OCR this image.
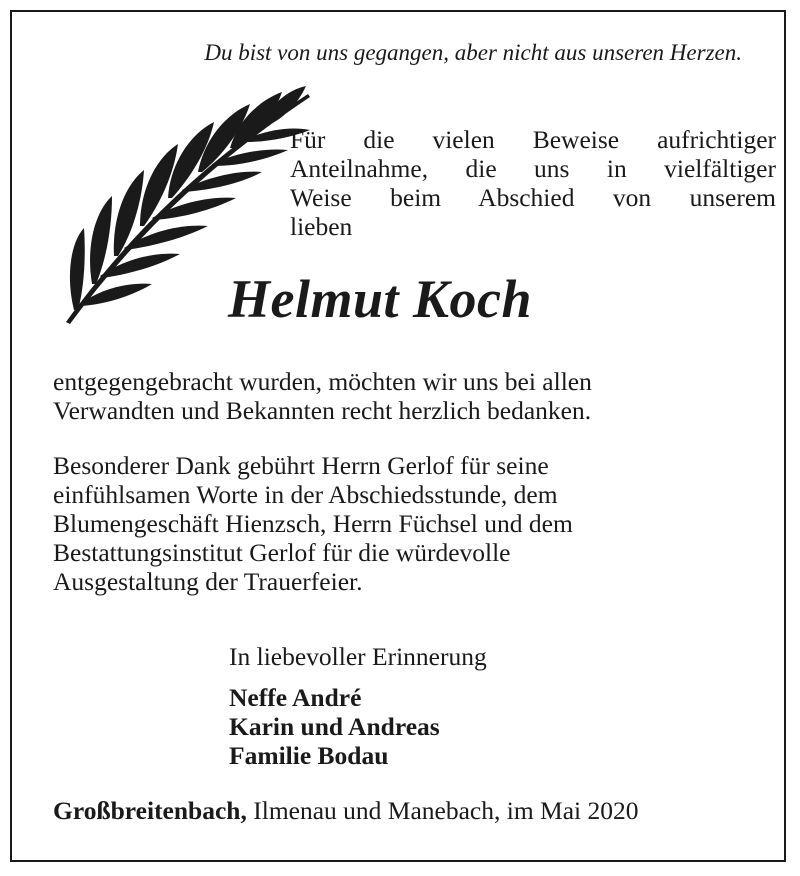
Du bist von uns gegangen, aber nicht aus unseren Herzen.
Für die vielen Beweise aufrichtiger
Anteilnahme, die uns in vielfältiger
Weise beim Abschied von unserem
lieben
Helmut Koch
entgegengebracht wurden, möchten wir uns bei allen
Verwandten und Bekannten recht herzlich bedanken.
Besonderer Dank gebührt Herrn Gerlof für seine
einfühlsamen Worte in der Abschiedsstunde, dem
Blumengeschäft Hienzsch, Herrn Füchsel und dem
Bestattungsinstitut Gerlof für die würdevolle
Ausgestaltung der Trauerfeier.
In liebevoller Erinnerung
Neffe André
Karin und Andreas
Familie Bodau
Großbreitenbach, Ilmenau und Manebach, im Mai 2020
